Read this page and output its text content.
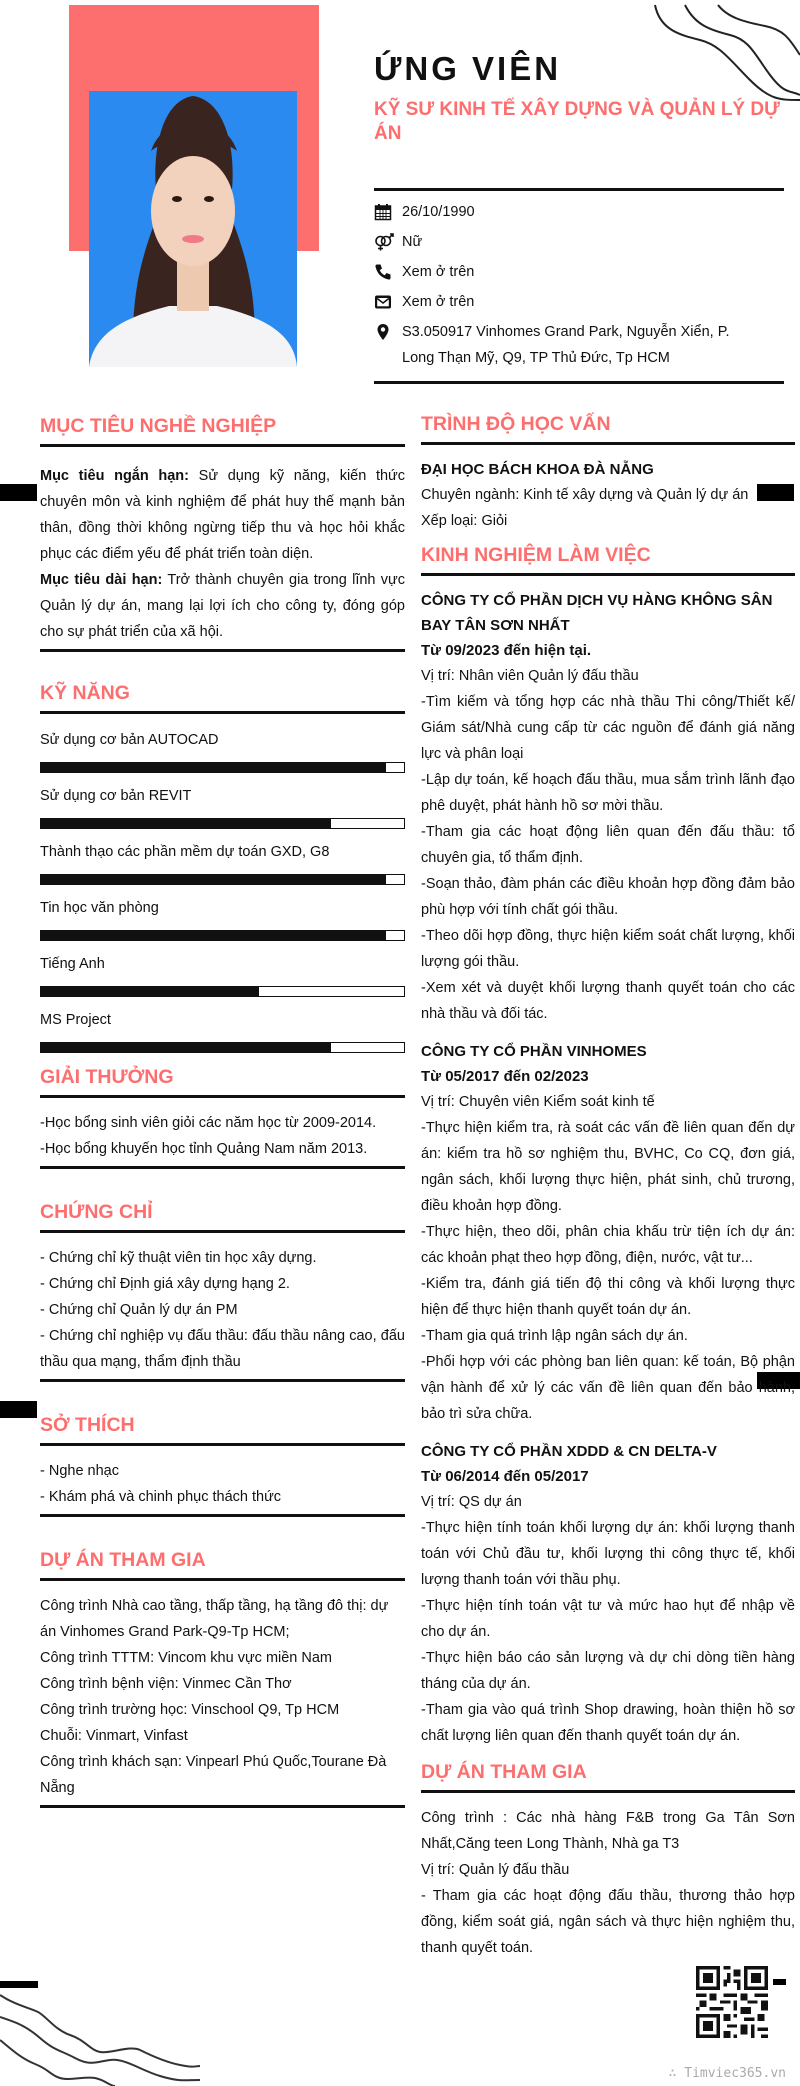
ỨNG VIÊN
KỸ SƯ KINH TẾ XÂY DỰNG VÀ QUẢN LÝ DỰ ÁN
26/10/1990
Nữ
Xem ở trên
Xem ở trên
S3.050917 Vinhomes Grand Park, Nguyễn Xiển, P. Long Thạn Mỹ, Q9, TP Thủ Đức, Tp HCM
MỤC TIÊU NGHỀ NGHIỆP
Mục tiêu ngắn hạn: Sử dụng kỹ năng, kiến thức chuyên môn và kinh nghiệm để phát huy thế mạnh bản thân, đồng thời không ngừng tiếp thu và học hỏi khắc phục các điểm yếu để phát triển toàn diện.
Mục tiêu dài hạn: Trở thành chuyên gia trong lĩnh vực Quản lý dự án, mang lại lợi ích cho công ty, đóng góp cho sự phát triển của xã hội.
KỸ NĂNG
Sử dụng cơ bản AUTOCAD
Sử dụng cơ bản REVIT
Thành thạo các phần mềm dự toán GXD, G8
Tin học văn phòng
Tiếng Anh
MS Project
GIẢI THƯỞNG
-Học bổng sinh viên giỏi các năm học từ 2009-2014.
-Học bổng khuyến học tỉnh Quảng Nam năm 2013.
CHỨNG CHỈ
- Chứng chỉ kỹ thuật viên tin học xây dựng.
- Chứng chỉ Định giá xây dựng hạng 2.
- Chứng chỉ Quản lý dự án PM
- Chứng chỉ nghiệp vụ đấu thầu: đấu thầu nâng cao, đấu thầu qua mạng, thẩm định thầu
SỞ THÍCH
- Nghe nhạc
- Khám phá và chinh phục thách thức
DỰ ÁN THAM GIA
Công trình Nhà cao tầng, thấp tầng, hạ tầng đô thị: dự án Vinhomes Grand Park-Q9-Tp HCM;
Công trình TTTM: Vincom khu vực miền Nam
Công trình bệnh viện: Vinmec Cần Thơ
Công trình trường học: Vinschool Q9, Tp HCM
Chuỗi: Vinmart, Vinfast
Công trình khách sạn: Vinpearl Phú Quốc,Tourane Đà Nẵng
TRÌNH ĐỘ HỌC VẤN
ĐẠI HỌC BÁCH KHOA ĐÀ NẴNG
Chuyên ngành: Kinh tế xây dựng và Quản lý dự án
Xếp loại: Giỏi
KINH NGHIỆM LÀM VIỆC
CÔNG TY CỔ PHẦN DỊCH VỤ HÀNG KHÔNG SÂN BAY TÂN SƠN NHẤT
Từ 09/2023 đến hiện tại.
Vị trí: Nhân viên Quản lý đấu thầu
-Tìm kiếm và tổng hợp các nhà thầu Thi công/Thiết kế/ Giám sát/Nhà cung cấp từ các nguồn để đánh giá năng lực và phân loại
-Lập dự toán, kế hoạch đấu thầu, mua sắm trình lãnh đạo phê duyệt, phát hành hồ sơ mời thầu.
-Tham gia các hoạt động liên quan đến đấu thầu: tổ chuyên gia, tổ thẩm định.
-Soạn thảo, đàm phán các điều khoản hợp đồng đảm bảo phù hợp với tính chất gói thầu.
-Theo dõi hợp đồng, thực hiện kiểm soát chất lượng, khối lượng gói thầu.
-Xem xét và duyệt khối lượng thanh quyết toán cho các nhà thầu và đối tác.
CÔNG TY CỔ PHẦN VINHOMES
Từ 05/2017 đến 02/2023
Vị trí: Chuyên viên Kiểm soát kinh tế
-Thực hiện kiểm tra, rà soát các vấn đề liên quan đến dự án: kiểm tra hồ sơ nghiệm thu, BVHC, Co CQ, đơn giá, ngân sách, khối lượng thực hiện, phát sinh, chủ trương, điều khoản hợp đồng.
-Thực hiện, theo dõi, phân chia khấu trừ tiện ích dự án: các khoản phạt theo hợp đồng, điện, nước, vật tư...
-Kiểm tra, đánh giá tiến độ thi công và khối lượng thực hiện để thực hiện thanh quyết toán dự án.
-Tham gia quá trình lập ngân sách dự án.
-Phối hợp với các phòng ban liên quan: kế toán, Bộ phận vận hành để xử lý các vấn đề liên quan đến bảo hành, bảo trì sửa chữa.
CÔNG TY CỔ PHẦN XDDD & CN DELTA-V
Từ 06/2014 đến 05/2017
Vị trí: QS dự án
-Thực hiện tính toán khối lượng dự án: khối lượng thanh toán với Chủ đầu tư, khối lượng thi công thực tế, khối lượng thanh toán với thầu phụ.
-Thực hiện tính toán vật tư và mức hao hụt để nhập về cho dự án.
-Thực hiện báo cáo sản lượng và dự chi dòng tiền hàng tháng của dự án.
-Tham gia vào quá trình Shop drawing, hoàn thiện hồ sơ chất lượng liên quan đến thanh quyết toán dự án.
DỰ ÁN THAM GIA
Công trình : Các nhà hàng F&B trong Ga Tân Sơn Nhất,Căng teen Long Thành, Nhà ga T3
Vị trí: Quản lý đấu thầu
- Tham gia các hoạt động đấu thầu, thương thảo hợp đồng, kiểm soát giá, ngân sách và thực hiện nghiệm thu, thanh quyết toán.
∴ Timviec365.vn
